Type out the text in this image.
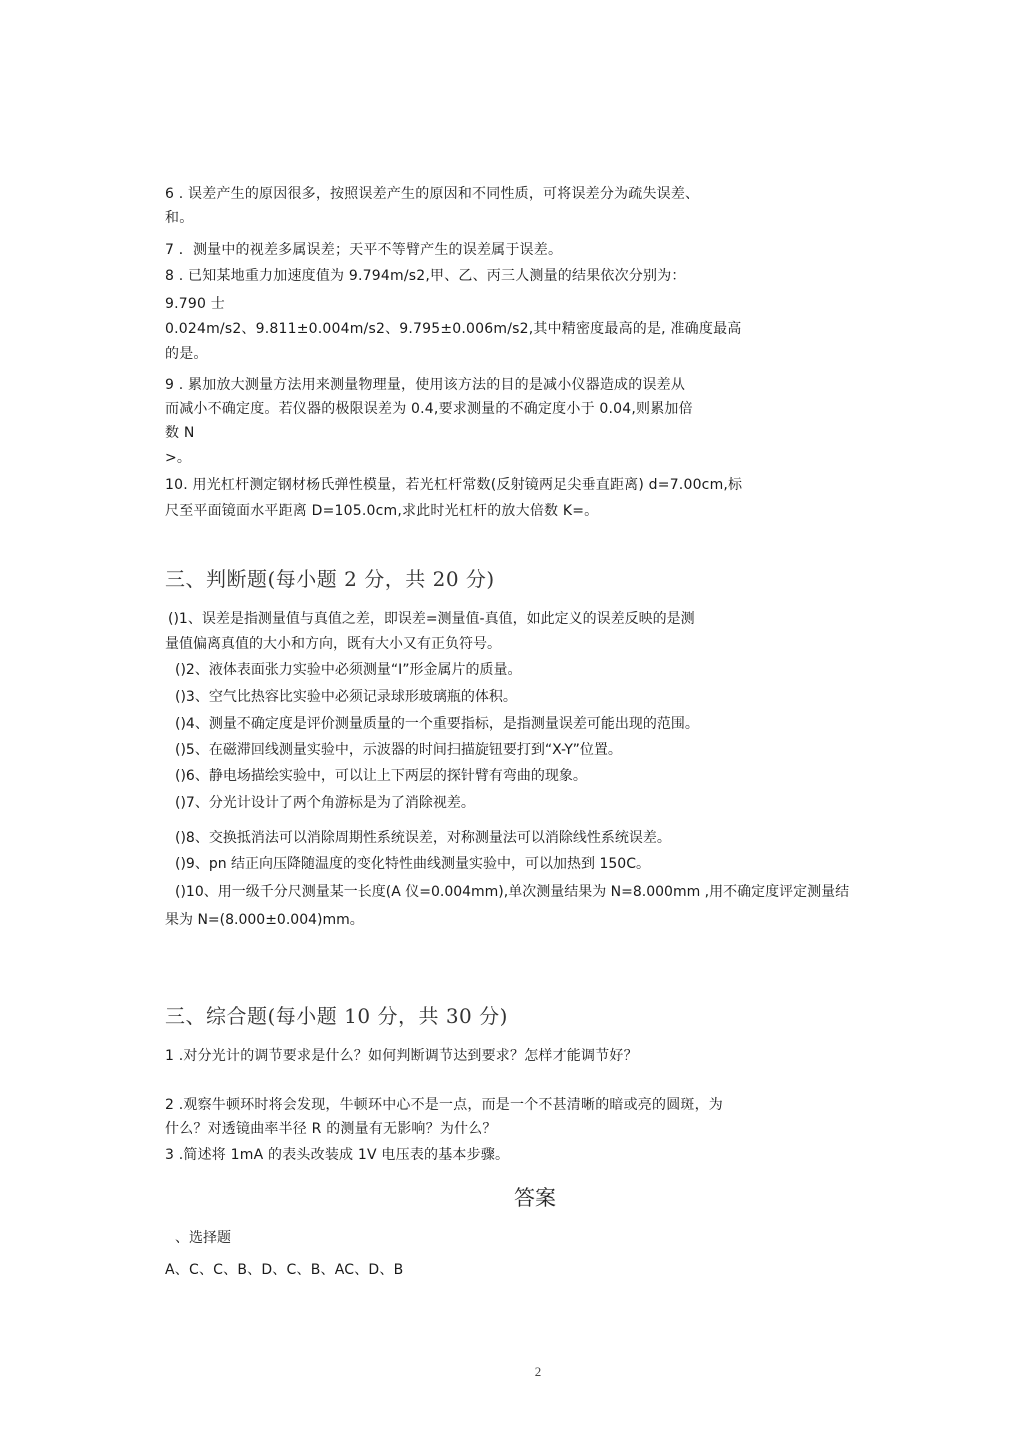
6 . 误差产生的原因很多，按照误差产生的原因和不同性质，可将误差分为疏失误差、
和。
7 ．测量中的视差多属误差；天平不等臂产生的误差属于误差。
8 . 已知某地重力加速度值为 9.794m/s2,甲、乙、丙三人测量的结果依次分别为：
9.790 士
0.024m/s2、9.811±0.004m/s2、9.795±0.006m/s2,其中精密度最高的是, 准确度最高
的是。
9 . 累加放大测量方法用来测量物理量，使用该方法的目的是减小仪器造成的误差从
而减小不确定度。若仪器的极限误差为 0.4,要求测量的不确定度小于 0.04,则累加倍
数 N
>。
10. 用光杠杆测定钢材杨氏弹性模量，若光杠杆常数(反射镜两足尖垂直距离) d=7.00cm,标
尺至平面镜面水平距离 D=105.0cm,求此时光杠杆的放大倍数 K=。
三、判断题(每小题 2 分，共 20 分)
()1、误差是指测量值与真值之差，即误差=测量值-真值，如此定义的误差反映的是测
量值偏离真值的大小和方向，既有大小又有正负符号。
()2、液体表面张力实验中必须测量“I”形金属片的质量。
()3、空气比热容比实验中必须记录球形玻璃瓶的体积。
()4、测量不确定度是评价测量质量的一个重要指标，是指测量误差可能出现的范围。
()5、在磁滞回线测量实验中，示波器的时间扫描旋钮要打到“X-Y”位置。
()6、静电场描绘实验中，可以让上下两层的探针臂有弯曲的现象。
()7、分光计设计了两个角游标是为了消除视差。
()8、交换抵消法可以消除周期性系统误差，对称测量法可以消除线性系统误差。
()9、pn 结正向压降随温度的变化特性曲线测量实验中，可以加热到 150C。
()10、用一级千分尺测量某一长度(A 仪=0.004mm),单次测量结果为 N=8.000mm ,用不确定度评定测量结
果为 N=(8.000±0.004)mm。
三、综合题(每小题 10 分，共 30 分)
1 .对分光计的调节要求是什么？如何判断调节达到要求？怎样才能调节好？
2 .观察牛顿环时将会发现，牛顿环中心不是一点，而是一个不甚清晰的暗或亮的圆斑，为
什么？对透镜曲率半径 R 的测量有无影响？为什么？
3 .简述将 1mA 的表头改装成 1V 电压表的基本步骤。
答案
、选择题
A、C、C、B、D、C、B、AC、D、B
2
